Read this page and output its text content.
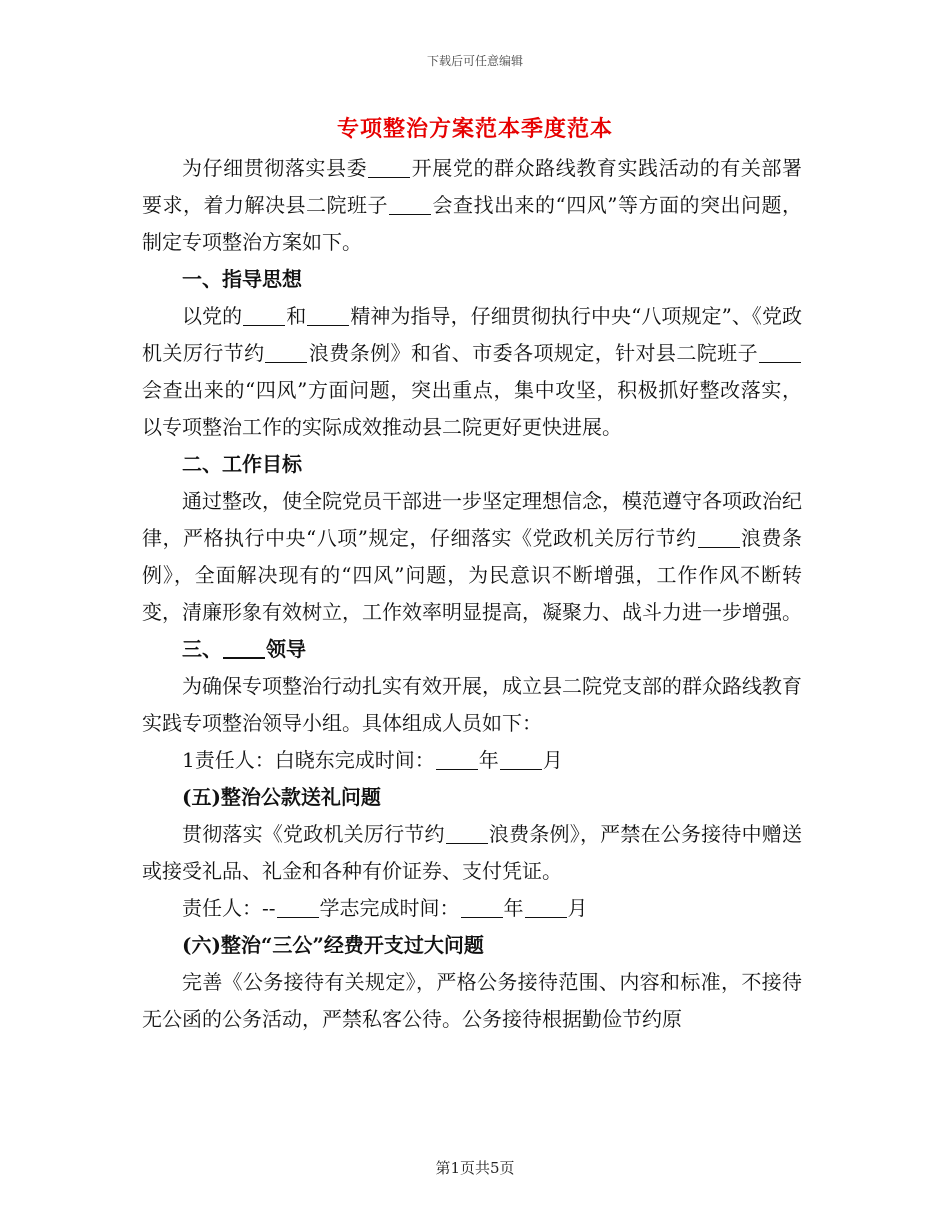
下载后可任意编辑
专项整治方案范本季度范本

为仔细贯彻落实县委 开展党的群众路线教育实践活动的有关部署要求，着力解决县二院班子 会查找出来的“四风”等方面的突出问题，制定专项整治方案如下。

一、指导思想

以党的 和 精神为指导，仔细贯彻执行中央“八项规定”、《党政机关厉行节约 浪费条例》和省、市委各项规定，针对县二院班子会查出来的“四风”方面问题，突出重点，集中攻坚，积极抓好整改落实，以专项整治工作的实际成效推动县二院更好更快进展。

二、工作目标

通过整改，使全院党员干部进一步坚定理想信念，模范遵守各项政治纪律，严格执行中央“八项”规定，仔细落实《党政机关厉行节约 浪费条例》，全面解决现有的“四风”问题，为民意识不断增强，工作作风不断转变，清廉形象有效树立，工作效率明显提高，凝聚力、战斗力进一步增强。

三、 领导

为确保专项整治行动扎实有效开展，成立县二院党支部的群众路线教育实践专项整治领导小组。具体组成人员如下：

1责任人：白晓东完成时间： 年 月

(五)整治公款送礼问题

贯彻落实《党政机关厉行节约 浪费条例》，严禁在公务接待中赠送或接受礼品、礼金和各种有价证券、支付凭证。

责任人：-- 学志完成时间： 年 月

(六)整治“三公”经费开支过大问题

完善《公务接待有关规定》，严格公务接待范围、内容和标准，不接待无公函的公务活动，严禁私客公待。公务接待根据勤俭节约原

第1页共5页
